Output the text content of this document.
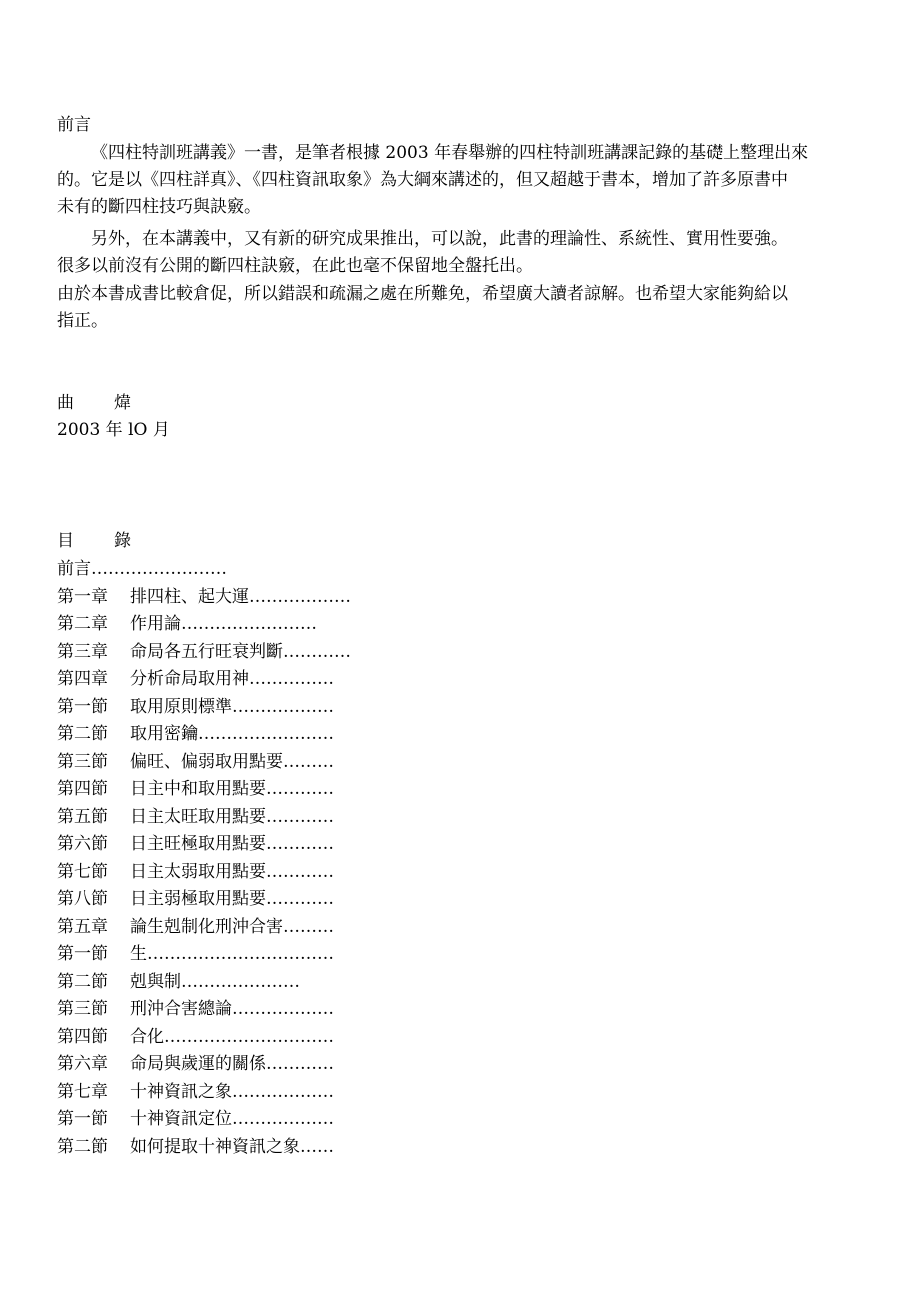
前言
《四柱特訓班講義》一書，是筆者根據 2003 年春舉辦的四柱特訓班講課記錄的基礎上整理出來
的。它是以《四柱詳真》、《四柱資訊取象》為大綱來講述的，但又超越于書本，增加了許多原書中
未有的斷四柱技巧與訣竅。
另外，在本講義中，又有新的研究成果推出，可以說，此書的理論性、系統性、實用性要強。
很多以前沒有公開的斷四柱訣竅，在此也毫不保留地全盤托出。
由於本書成書比較倉促，所以錯誤和疏漏之處在所難免，希望廣大讀者諒解。也希望大家能夠給以
指正。
曲 煒
2003 年 lO 月
目 錄
前言……………………
第一章 排四柱、起大運………………
第二章 作用論……………………
第三章 命局各五行旺衰判斷…………
第四章 分析命局取用神……………
第一節 取用原則標準………………
第二節 取用密鑰……………………
第三節 偏旺、偏弱取用點要………
第四節 日主中和取用點要…………
第五節 日主太旺取用點要…………
第六節 日主旺極取用點要…………
第七節 日主太弱取用點要…………
第八節 日主弱極取用點要…………
第五章 論生剋制化刑沖合害………
第一節 生……………………………
第二節 剋與制…………………
第三節 刑沖合害總論………………
第四節 合化…………………………
第六章 命局與歲運的關係…………
第七章 十神資訊之象………………
第一節 十神資訊定位………………
第二節 如何提取十神資訊之象……
